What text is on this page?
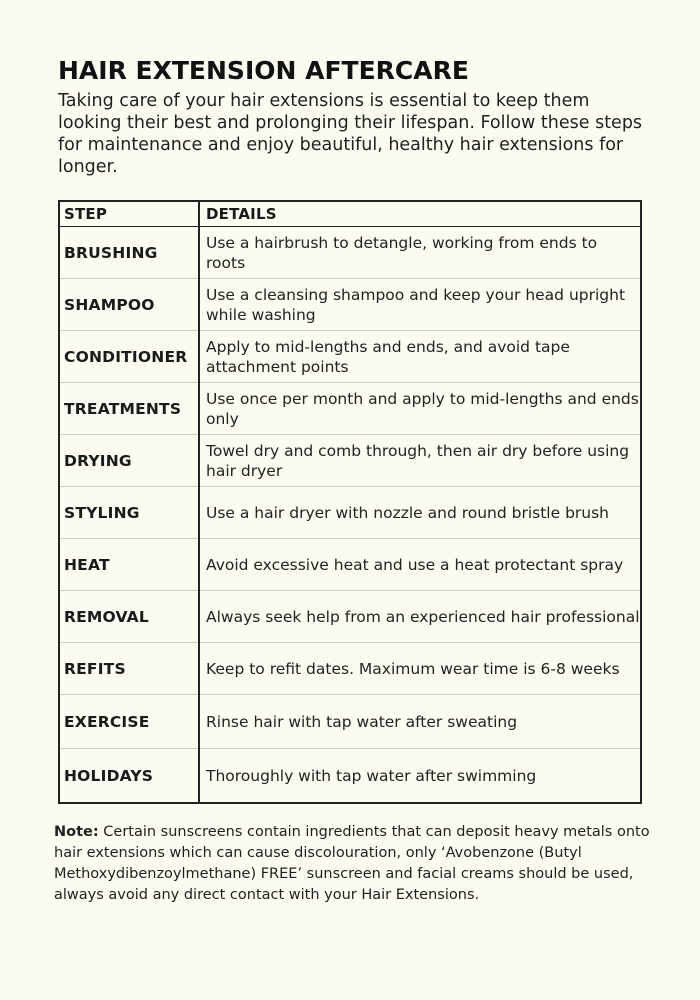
HAIR EXTENSION AFTERCARE

Taking care of your hair extensions is essential to keep them looking their best and prolonging their lifespan. Follow these steps for maintenance and enjoy beautiful, healthy hair extensions for longer.

STEP	DETAILS
BRUSHING	Use a hairbrush to detangle, working from ends to roots
SHAMPOO	Use a cleansing shampoo and keep your head upright while washing
CONDITIONER	Apply to mid-lengths and ends, and avoid tape attachment points
TREATMENTS	Use once per month and apply to mid-lengths and ends only
DRYING	Towel dry and comb through, then air dry before using hair dryer
STYLING	Use a hair dryer with nozzle and round bristle brush
HEAT	Avoid excessive heat and use a heat protectant spray
REMOVAL	Always seek help from an experienced hair professional
REFITS	Keep to refit dates. Maximum wear time is 6-8 weeks
EXERCISE	Rinse hair with tap water after sweating
HOLIDAYS	Thoroughly with tap water after swimming

Note: Certain sunscreens contain ingredients that can deposit heavy metals onto hair extensions which can cause discolouration, only ‘Avobenzone (Butyl Methoxydibenzoylmethane) FREE’ sunscreen and facial creams should be used, always avoid any direct contact with your Hair Extensions.
